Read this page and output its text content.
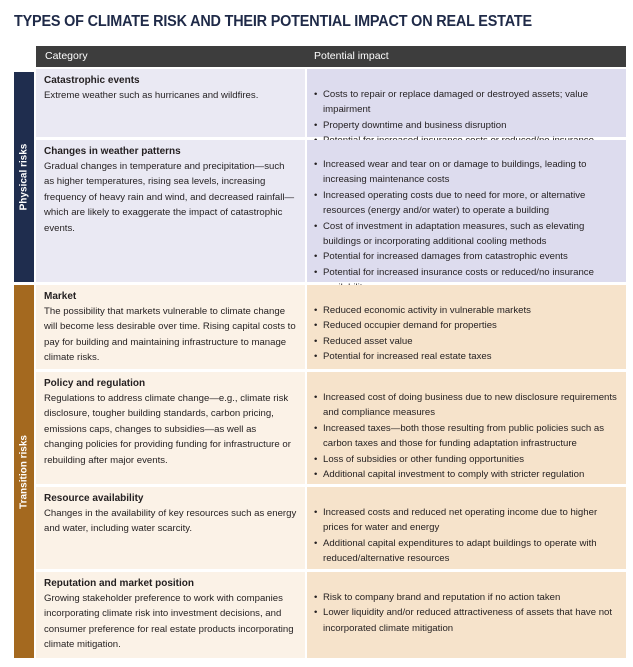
TYPES OF CLIMATE RISK AND THEIR POTENTIAL IMPACT ON REAL ESTATE
Category	Potential impact
Physical risks
Transition risks
Catastrophic events
Extreme weather such as hurricanes and wildfires.
•	Costs to repair or replace damaged or destroyed assets; value impairment
• Property downtime and business disruption
•
Changes in weather patterns
Gradual changes in temperature and precipitation—such as higher temperatures, rising sea levels, increasing frequency of heavy rain and wind, and decreased rainfall—which are likely to exaggerate the impact of catastrophic events.
• Increased wear and tear on or damage to buildings, leading to increasing maintenance costs
• Increased operating costs due to need for more, or alternative resources (energy and/or water) to operate a building
• Cost of investment in adaptation measures, such as elevating buildings or incorporating additional cooling methods
• Potential for increased damages from catastrophic events
• Potential for increased insurance costs or reduced/no insurance
Market
The possibility that markets vulnerable to climate change will become less desirable over time. Rising capital costs to pay for building and maintaining infrastructure to manage climate risks.
• Reduced economic activity in vulnerable markets
• Reduced occupier demand for properties
• Reduced asset value
• Potential for increased real estate taxes
Policy and regulation
Regulations to address climate change—e.g., climate risk disclosure, tougher building standards, carbon pricing, emissions caps, changes to subsidies—as well as changing policies for providing funding for infrastructure or rebuilding after major events.
• Increased cost of doing business due to new disclosure requirements and compliance measures
• Increased taxes—both those resulting from public policies such as carbon taxes and those for funding adaptation infrastructure
• Loss of subsidies or other funding opportunities
• Additional capital investment to comply with stricter regulation
Resource availability
Changes in the availability of key resources such as energy and water, including water scarcity.
• Increased costs and reduced net operating income due to higher prices for water and energy
• Additional capital expenditures to adapt buildings to operate with reduced/alternative resources
Reputation and market position
Growing stakeholder preference to work with companies incorporating climate risk into investment decisions, and consumer preference for real estate products incorporating climate mitigation.
• Risk to company brand and reputation if no action taken
• Lower liquidity and/or reduced attractiveness of assets that have not incorporated climate mitigation
